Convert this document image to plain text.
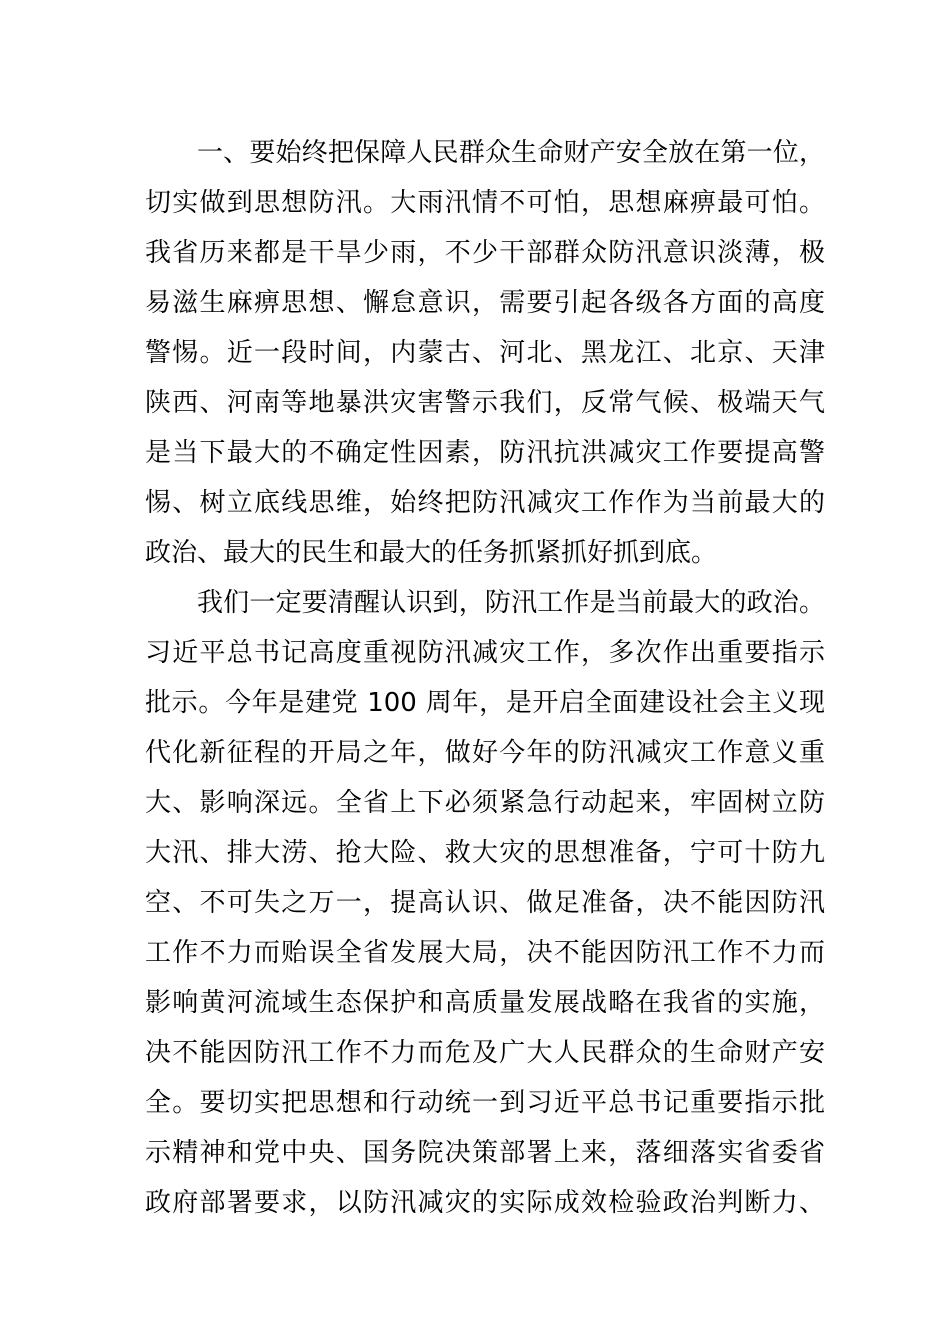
一、要始终把保障人民群众生命财产安全放在第一位，
切实做到思想防汛。大雨汛情不可怕，思想麻痹最可怕。
我省历来都是干旱少雨，不少干部群众防汛意识淡薄，极
易滋生麻痹思想、懈怠意识，需要引起各级各方面的高度
警惕。近一段时间，内蒙古、河北、黑龙江、北京、天津
陕西、河南等地暴洪灾害警示我们，反常气候、极端天气
是当下最大的不确定性因素，防汛抗洪减灾工作要提高警
惕、树立底线思维，始终把防汛减灾工作作为当前最大的
政治、最大的民生和最大的任务抓紧抓好抓到底。
我们一定要清醒认识到，防汛工作是当前最大的政治。
习近平总书记高度重视防汛减灾工作，多次作出重要指示
批示。今年是建党 100 周年，是开启全面建设社会主义现
代化新征程的开局之年，做好今年的防汛减灾工作意义重
大、影响深远。全省上下必须紧急行动起来，牢固树立防
大汛、排大涝、抢大险、救大灾的思想准备，宁可十防九
空、不可失之万一，提高认识、做足准备，决不能因防汛
工作不力而贻误全省发展大局，决不能因防汛工作不力而
影响黄河流域生态保护和高质量发展战略在我省的实施，
决不能因防汛工作不力而危及广大人民群众的生命财产安
全。要切实把思想和行动统一到习近平总书记重要指示批
示精神和党中央、国务院决策部署上来，落细落实省委省
政府部署要求，以防汛减灾的实际成效检验政治判断力、
